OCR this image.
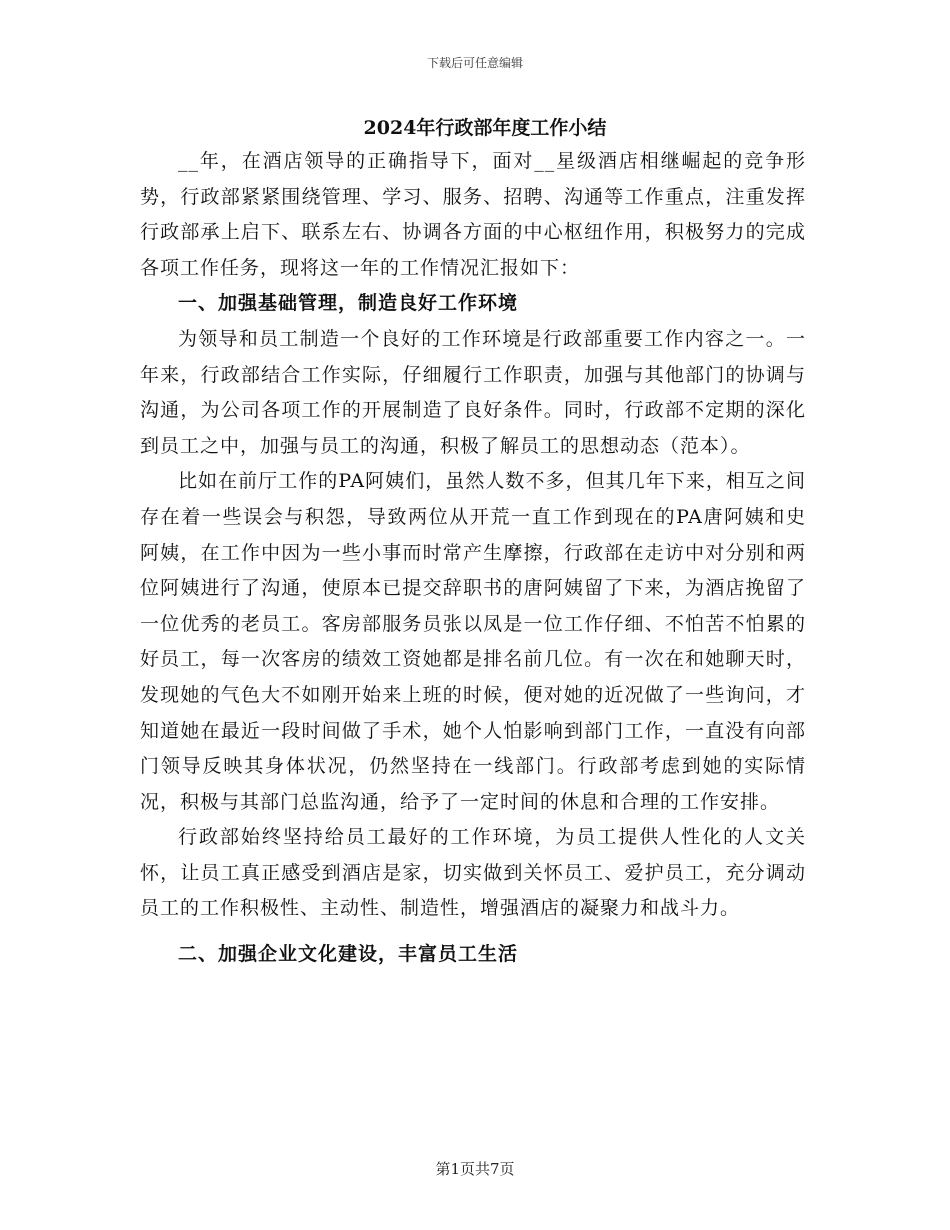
下载后可任意编辑
2024年行政部年度工作小结

__年，在酒店领导的正确指导下，面对__星级酒店相继崛起的竞争形势，行政部紧紧围绕管理、学习、服务、招聘、沟通等工作重点，注重发挥行政部承上启下、联系左右、协调各方面的中心枢纽作用，积极努力的完成各项工作任务，现将这一年的工作情况汇报如下：

一、加强基础管理，制造良好工作环境

为领导和员工制造一个良好的工作环境是行政部重要工作内容之一。一年来，行政部结合工作实际，仔细履行工作职责，加强与其他部门的协调与沟通，为公司各项工作的开展制造了良好条件。同时，行政部不定期的深化到员工之中，加强与员工的沟通，积极了解员工的思想动态（范本）。

比如在前厅工作的PA阿姨们，虽然人数不多，但其几年下来，相互之间存在着一些误会与积怨，导致两位从开荒一直工作到现在的PA唐阿姨和史阿姨，在工作中因为一些小事而时常产生摩擦，行政部在走访中对分别和两位阿姨进行了沟通，使原本已提交辞职书的唐阿姨留了下来，为酒店挽留了一位优秀的老员工。客房部服务员张以凤是一位工作仔细、不怕苦不怕累的好员工，每一次客房的绩效工资她都是排名前几位。有一次在和她聊天时，发现她的气色大不如刚开始来上班的时候，便对她的近况做了一些询问，才知道她在最近一段时间做了手术，她个人怕影响到部门工作，一直没有向部门领导反映其身体状况，仍然坚持在一线部门。行政部考虑到她的实际情况，积极与其部门总监沟通，给予了一定时间的休息和合理的工作安排。

行政部始终坚持给员工最好的工作环境，为员工提供人性化的人文关怀，让员工真正感受到酒店是家，切实做到关怀员工、爱护员工，充分调动员工的工作积极性、主动性、制造性，增强酒店的凝聚力和战斗力。

二、加强企业文化建设，丰富员工生活

第1页共7页
